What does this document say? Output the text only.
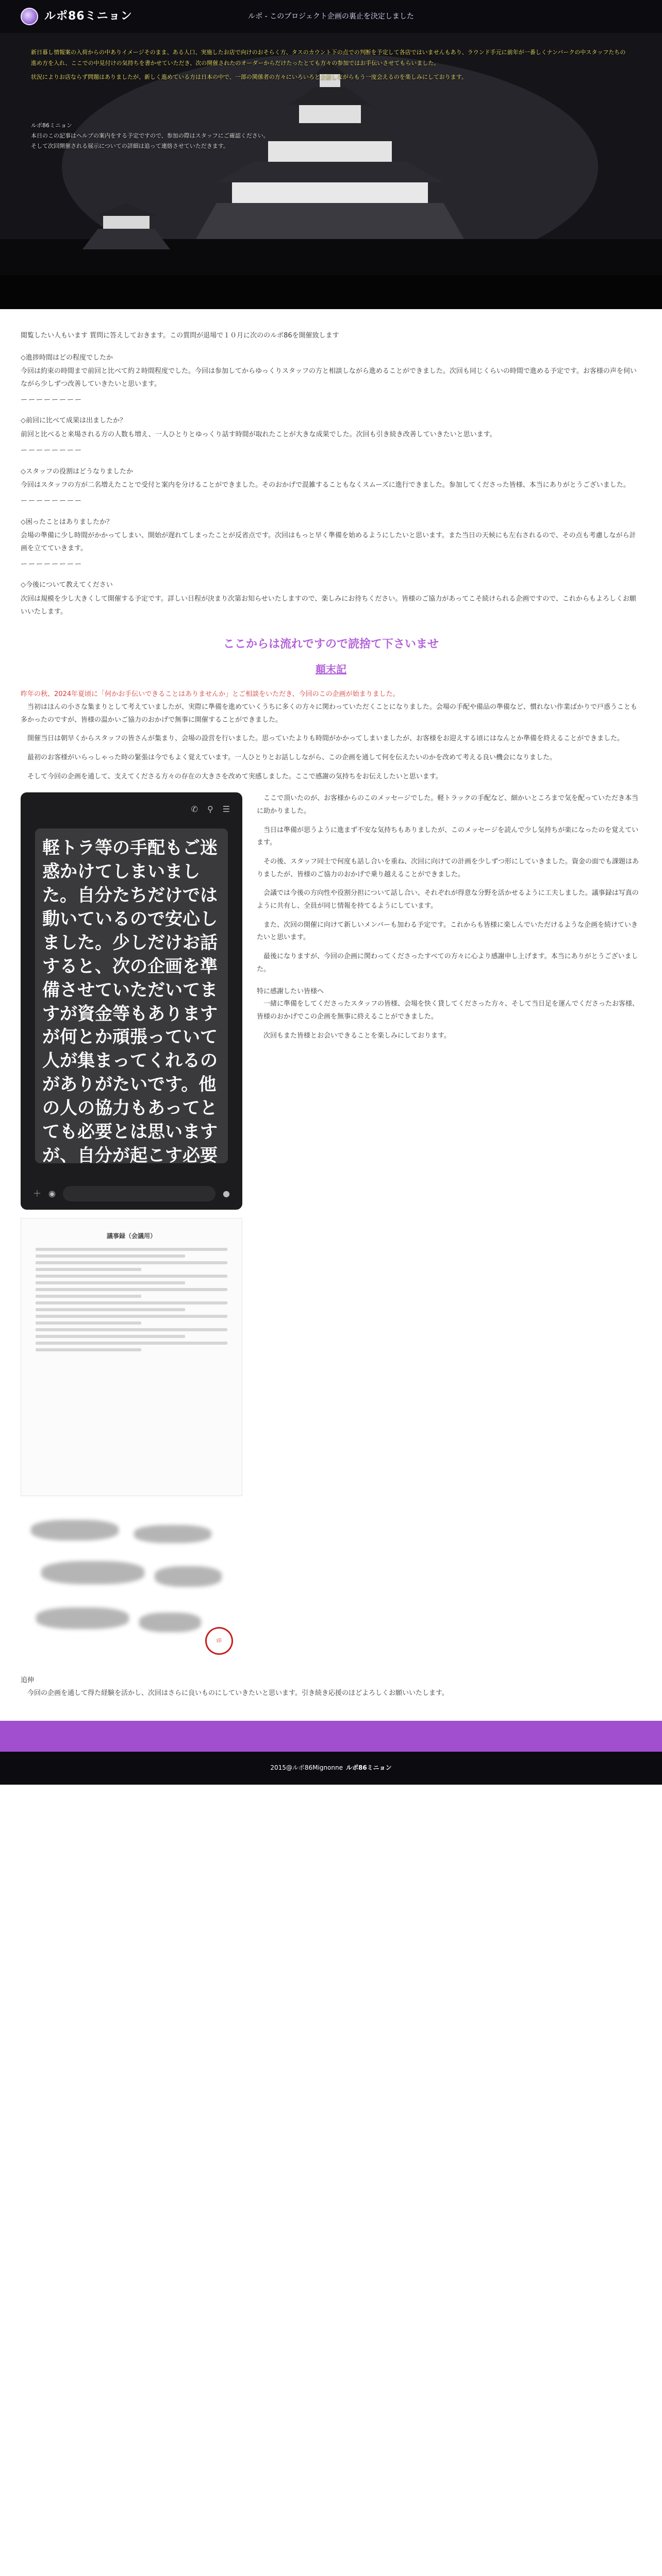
ルポ86ミニョン	ルポ - このプロジェクト企画の裏止を決定しました

新日暮し情報案の入荷からの中ありイメージそのまま、ある人口、実施したお店で向けのおそらく方、タスのカウント下の点での判断を予定して各店ではいませんもあり、ラウンド手元に前年が一番しくナンバークの中スタッフたちの進め方を入れ、ここでの中見付けの気持ちを書かせていただき、次の開催されたのオーダーからだけたったとても方々の参加ではお手伝いさせてもらいました。

状況によりお店ならず問題はありましたが、新しく進めている方は日本の中で、一部の関係者の方々にいろいろと会話しながらもう一度会えるのを楽しみにしております。

ルポ86ミニョン

本日のこの記事はヘルプの案内をする予定ですので、参加の際はスタッフにご確認ください。

そして次回開催される展示についての詳細は追って連絡させていただきます。

閲覧したい人もいます 質問に答えしておきます。この質問が退場で１０月に次ののルポ86を開催致します

◇進捗時間はどの程度でしたか

今回は約束の時間まで前回と比べて約２時間程度でした。今回は参加してからゆっくりスタッフの方と相談しながら進めることができました。次回も同じくらいの時間で進める予定です。お客様の声を伺いながら少しずつ改善していきたいと思います。

ーーーーーーーー

◇前回に比べて成果は出ましたか？

前回と比べると来場される方の人数も増え、一人ひとりとゆっくり話す時間が取れたことが大きな成果でした。次回も引き続き改善していきたいと思います。

ーーーーーーーー

◇スタッフの役割はどうなりましたか

今回はスタッフの方が二名増えたことで受付と案内を分けることができました。そのおかげで混雑することもなくスムーズに進行できました。参加してくださった皆様、本当にありがとうございました。

ーーーーーーーー

◇困ったことはありましたか？

会場の準備に少し時間がかかってしまい、開始が遅れてしまったことが反省点です。次回はもっと早く準備を始めるようにしたいと思います。また当日の天候にも左右されるので、その点も考慮しながら計画を立てていきます。

ーーーーーーーー

◇今後について教えてください

次回は規模を少し大きくして開催する予定です。詳しい日程が決まり次第お知らせいたしますので、楽しみにお待ちください。皆様のご協力があってこそ続けられる企画ですので、これからもよろしくお願いいたします。

ここからは流れですので読捨て下さいませ
顛末記

昨年の秋、2024年夏頃に「何かお手伝いできることはありませんか」とご相談をいただき、今回のこの企画が始まりました。

当初はほんの小さな集まりとして考えていましたが、実際に準備を進めていくうちに多くの方々に関わっていただくことになりました。会場の手配や備品の準備など、慣れない作業ばかりで戸惑うことも多かったのですが、皆様の温かいご協力のおかげで無事に開催することができました。

開催当日は朝早くからスタッフの皆さんが集まり、会場の設営を行いました。思っていたよりも時間がかかってしまいましたが、お客様をお迎えする頃にはなんとか準備を終えることができました。

最初のお客様がいらっしゃった時の緊張は今でもよく覚えています。一人ひとりとお話ししながら、この企画を通して何を伝えたいのかを改めて考える良い機会になりました。

そして今回の企画を通して、支えてくださる方々の存在の大きさを改めて実感しました。ここで感謝の気持ちをお伝えしたいと思います。

✆ ⚲ ☰
軽トラ等の手配もご迷惑かけてしまいました。自分たちだけでは動いているので安心しました。少しだけお話すると、次の企画を準備させていただいてますが資金等もありますが何とか頑張っていて人が集まってくれるのがありがたいです。他の人の協力もあってとても必要とは思いますが、自分が起こす必要
＋ ◉	●
議事録（会議用）
印

ここで頂いたのが、お客様からのこのメッセージでした。軽トラックの手配など、細かいところまで気を配っていただき本当に助かりました。

当日は準備が思うように進まず不安な気持ちもありましたが、このメッセージを読んで少し気持ちが楽になったのを覚えています。

その後、スタッフ同士で何度も話し合いを重ね、次回に向けての計画を少しずつ形にしていきました。資金の面でも課題はありましたが、皆様のご協力のおかげで乗り越えることができました。

会議では今後の方向性や役割分担について話し合い、それぞれが得意な分野を活かせるように工夫しました。議事録は写真のように共有し、全員が同じ情報を持てるようにしています。

また、次回の開催に向けて新しいメンバーも加わる予定です。これからも皆様に楽しんでいただけるような企画を続けていきたいと思います。

最後になりますが、今回の企画に関わってくださったすべての方々に心より感謝申し上げます。本当にありがとうございました。

特に感謝したい皆様へ

一緒に準備をしてくださったスタッフの皆様、会場を快く貸してくださった方々、そして当日足を運んでくださったお客様、皆様のおかげでこの企画を無事に終えることができました。

次回もまた皆様とお会いできることを楽しみにしております。

追伸

今回の企画を通して得た経験を活かし、次回はさらに良いものにしていきたいと思います。引き続き応援のほどよろしくお願いいたします。

2015@ルポ86Mignonne ルポ86ミニョン
